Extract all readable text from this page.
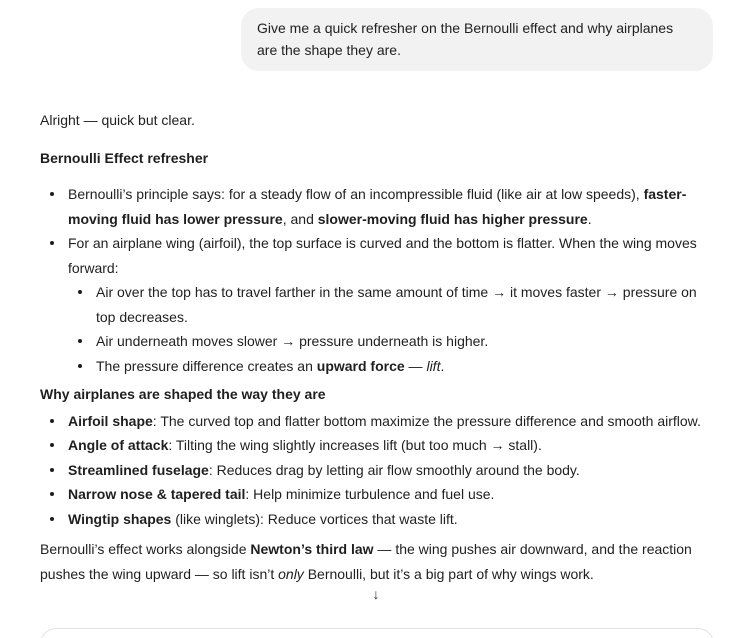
Give me a quick refresher on the Bernoulli effect and why airplanes are the shape they are.

Alright — quick but clear.

Bernoulli Effect refresher

Bernoulli’s principle says: for a steady flow of an incompressible fluid (like air at low speeds), faster-moving fluid has lower pressure, and slower-moving fluid has higher pressure.
For an airplane wing (airfoil), the top surface is curved and the bottom is flatter. When the wing moves forward:
Air over the top has to travel farther in the same amount of time → it moves faster → pressure on top decreases.
Air underneath moves slower → pressure underneath is higher.
The pressure difference creates an upward force — lift.

Why airplanes are shaped the way they are

Airfoil shape: The curved top and flatter bottom maximize the pressure difference and smooth airflow.
Angle of attack: Tilting the wing slightly increases lift (but too much → stall).
Streamlined fuselage: Reduces drag by letting air flow smoothly around the body.
Narrow nose & tapered tail: Help minimize turbulence and fuel use.
Wingtip shapes (like winglets): Reduce vortices that waste lift.

Bernoulli’s effect works alongside Newton’s third law — the wing pushes air downward, and the reaction pushes the wing upward — so lift isn’t only Bernoulli, but it’s a big part of why wings work.

↓
